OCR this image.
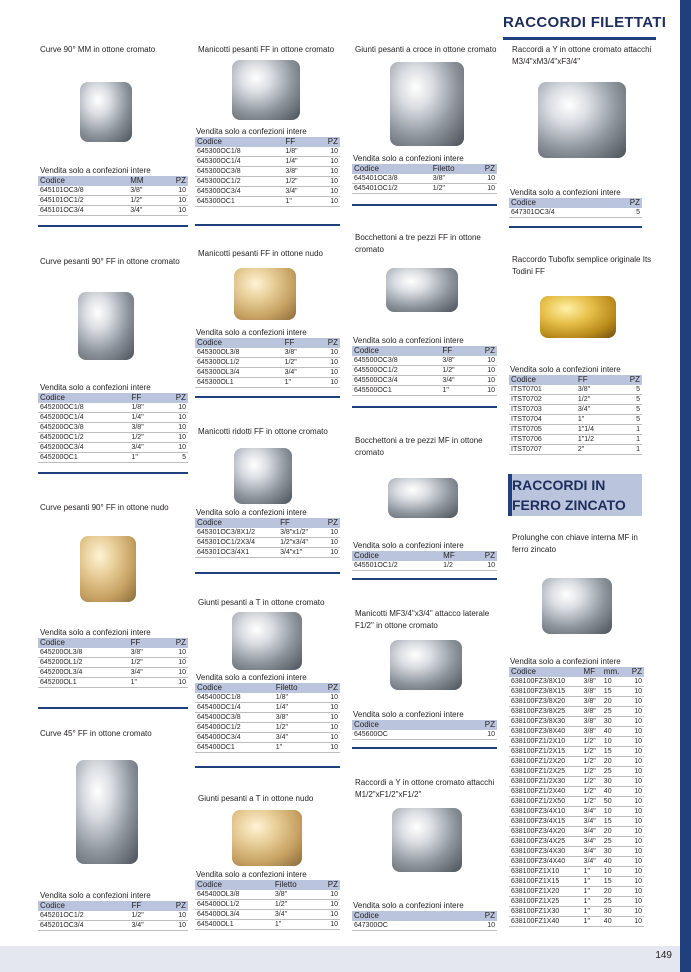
149
RACCORDI FILETTATI
RACCORDI IN FERRO ZINCATO
Curve 90° MM in ottone cromato
Vendita solo a confezioni intere
Codice	MM	PZ
645101OC3/8	3/8"	10
645101OC1/2	1/2"	10
645101OC3/4	3/4"	10
Curve pesanti 90° FF in ottone cromato
Vendita solo a confezioni intere
Codice	FF	PZ
645200OC1/8	1/8"	10
645200OC1/4	1/4"	10
645200OC3/8	3/8"	10
645200OC1/2	1/2"	10
645200OC3/4	3/4"	10
645200OC1	1"	5
Curve pesanti 90° FF in ottone nudo
Vendita solo a confezioni intere
Codice	FF	PZ
645200OL3/8	3/8"	10
645200OL1/2	1/2"	10
645200OL3/4	3/4"	10
645200OL1	1"	10
Curve 45° FF in ottone cromato
Vendita solo a confezioni intere
Codice	FF	PZ
645201OC1/2	1/2"	10
645201OC3/4	3/4"	10
Manicotti pesanti FF in ottone cromato
Vendita solo a confezioni intere
Codice	FF	PZ
645300OC1/8	1/8"	10
645300OC1/4	1/4"	10
645300OC3/8	3/8"	10
645300OC1/2	1/2"	10
645300OC3/4	3/4"	10
645300OC1	1"	10
Manicotti pesanti FF in ottone nudo
Vendita solo a confezioni intere
Codice	FF	PZ
645300OL3/8	3/8"	10
645300OL1/2	1/2"	10
645300OL3/4	3/4"	10
645300OL1	1"	10
Manicotti ridotti FF in ottone cromato
Vendita solo a confezioni intere
Codice	FF	PZ
645301OC3/8X1/2	3/8"x1/2"	10
645301OC1/2X3/4	1/2"x3/4"	10
645301OC3/4X1	3/4"x1"	10
Giunti pesanti a T in ottone cromato
Vendita solo a confezioni intere
Codice	Filetto	PZ
645400OC1/8	1/8"	10
645400OC1/4	1/4"	10
645400OC3/8	3/8"	10
645400OC1/2	1/2"	10
645400OC3/4	3/4"	10
645400OC1	1"	10
Giunti pesanti a T in ottone nudo
Vendita solo a confezioni intere
Codice	Filetto	PZ
645400OL3/8	3/8"	10
645400OL1/2	1/2"	10
645400OL3/4	3/4"	10
645400OL1	1"	10
Giunti pesanti a croce in ottone cromato
Vendita solo a confezioni intere
Codice	Filetto	PZ
645401OC3/8	3/8"	10
645401OC1/2	1/2"	10
Bocchettoni a tre pezzi FF in ottone cromato
Vendita solo a confezioni intere
Codice	FF	PZ
645500OC3/8	3/8"	10
645500OC1/2	1/2"	10
645500OC3/4	3/4"	10
645500OC1	1"	10
Bocchettoni a tre pezzi MF in ottone cromato
Vendita solo a confezioni intere
Codice	MF	PZ
645501OC1/2	1/2	10
Manicotti MF3/4"x3/4" attacco laterale F1/2" in ottone cromato
Vendita solo a confezioni intere
Codice		PZ
645600OC		10
Raccordi a Y in ottone cromato attacchi M1/2"xF1/2"xF1/2"
Vendita solo a confezioni intere
Codice		PZ
647300OC		10
Raccordi a Y in ottone cromato attacchi M3/4"xM3/4"xF3/4"
Vendita solo a confezioni intere
Codice		PZ
647301OC3/4		5
Raccordo Tubofix semplice originale Its Todini FF
Vendita solo a confezioni intere
Codice	FF	PZ
ITST0701	3/8"	5
ITST0702	1/2"	5
ITST0703	3/4"	5
ITST0704	1"	5
ITST0705	1"1/4	1
ITST0706	1"1/2	1
ITST0707	2"	1
Prolunghe con chiave interna MF in ferro zincato
Vendita solo a confezioni intere
Codice	MF	mm.	PZ
638100FZ3/8X10	3/8"	10	10
638100FZ3/8X15	3/8"	15	10
638100FZ3/8X20	3/8"	20	10
638100FZ3/8X25	3/8"	25	10
638100FZ3/8X30	3/8"	30	10
638100FZ3/8X40	3/8"	40	10
638100FZ1/2X10	1/2"	10	10
638100FZ1/2X15	1/2"	15	10
638100FZ1/2X20	1/2"	20	10
638100FZ1/2X25	1/2"	25	10
638100FZ1/2X30	1/2"	30	10
638100FZ1/2X40	1/2"	40	10
638100FZ1/2X50	1/2"	50	10
638100FZ3/4X10	3/4"	10	10
638100FZ3/4X15	3/4"	15	10
638100FZ3/4X20	3/4"	20	10
638100FZ3/4X25	3/4"	25	10
638100FZ3/4X30	3/4"	30	10
638100FZ3/4X40	3/4"	40	10
638100FZ1X10	1"	10	10
638100FZ1X15	1"	15	10
638100FZ1X20	1"	20	10
638100FZ1X25	1"	25	10
638100FZ1X30	1"	30	10
638100FZ1X40	1"	40	10
